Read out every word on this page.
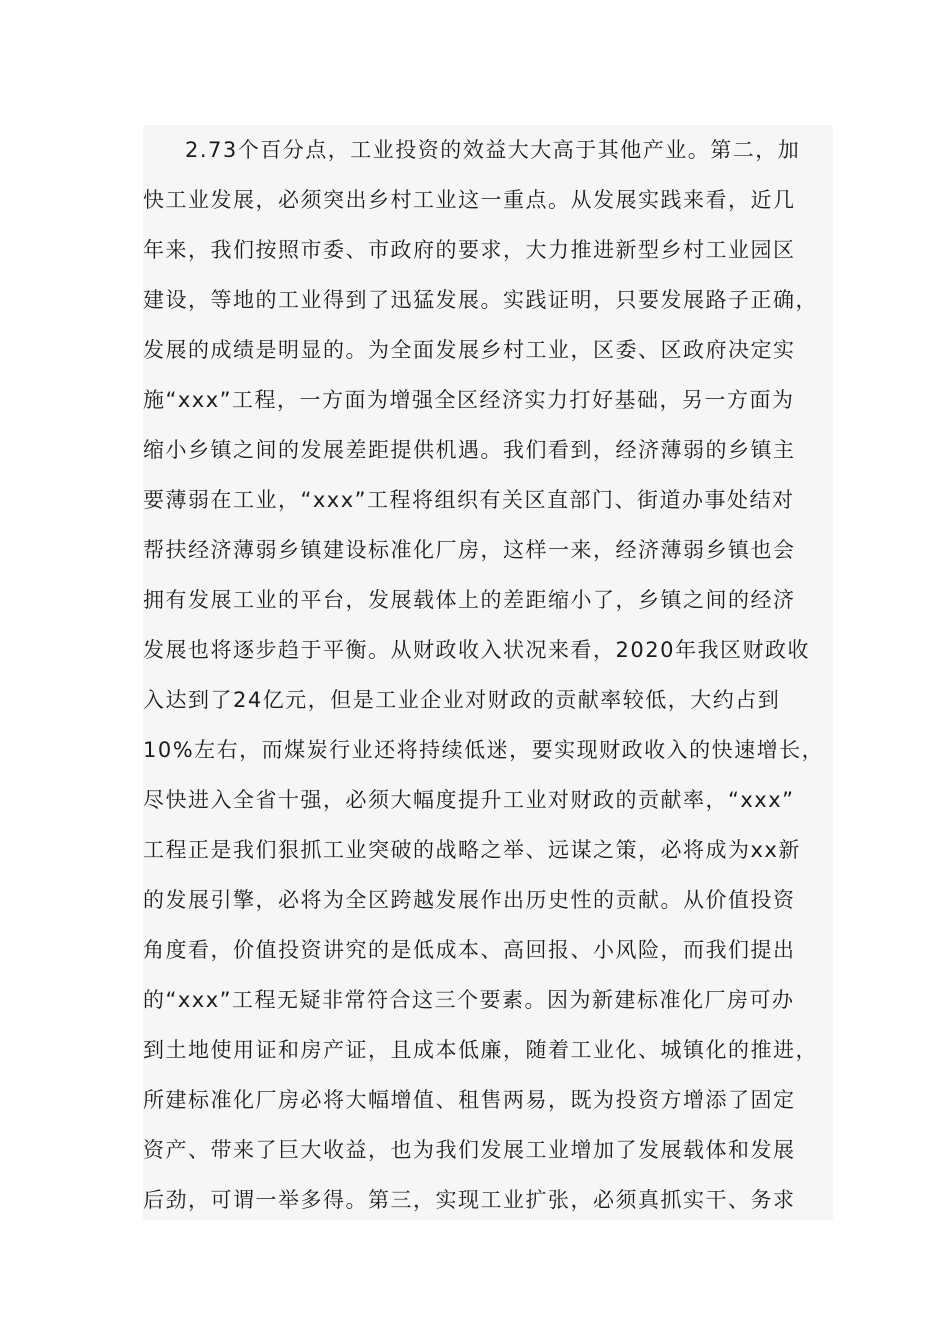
2.73个百分点，工业投资的效益大大高于其他产业。第二，加
快工业发展，必须突出乡村工业这一重点。从发展实践来看，近几
年来，我们按照市委、市政府的要求，大力推进新型乡村工业园区
建设，等地的工业得到了迅猛发展。实践证明，只要发展路子正确，
发展的成绩是明显的。为全面发展乡村工业，区委、区政府决定实
施“xxx”工程，一方面为增强全区经济实力打好基础，另一方面为
缩小乡镇之间的发展差距提供机遇。我们看到，经济薄弱的乡镇主
要薄弱在工业，“xxx”工程将组织有关区直部门、街道办事处结对
帮扶经济薄弱乡镇建设标准化厂房，这样一来，经济薄弱乡镇也会
拥有发展工业的平台，发展载体上的差距缩小了，乡镇之间的经济
发展也将逐步趋于平衡。从财政收入状况来看，2020年我区财政收
入达到了24亿元，但是工业企业对财政的贡献率较低，大约占到
10%左右，而煤炭行业还将持续低迷，要实现财政收入的快速增长，
尽快进入全省十强，必须大幅度提升工业对财政的贡献率，“xxx”
工程正是我们狠抓工业突破的战略之举、远谋之策，必将成为xx新
的发展引擎，必将为全区跨越发展作出历史性的贡献。从价值投资
角度看，价值投资讲究的是低成本、高回报、小风险，而我们提出
的“xxx”工程无疑非常符合这三个要素。因为新建标准化厂房可办
到土地使用证和房产证，且成本低廉，随着工业化、城镇化的推进，
所建标准化厂房必将大幅增值、租售两易，既为投资方增添了固定
资产、带来了巨大收益，也为我们发展工业增加了发展载体和发展
后劲，可谓一举多得。第三，实现工业扩张，必须真抓实干、务求
